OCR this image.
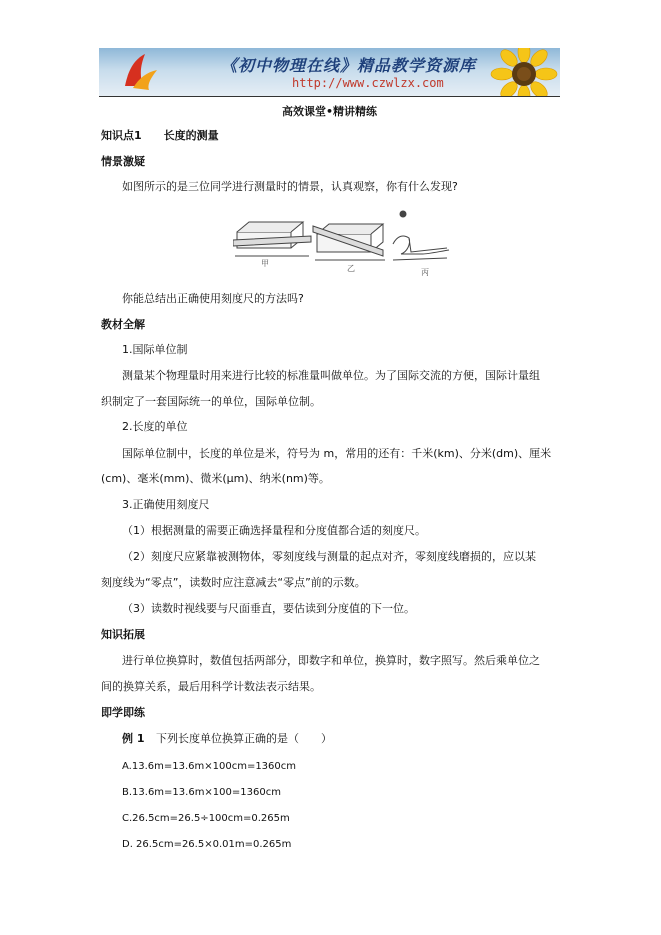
《初中物理在线》精品教学资源库
http://www.czwlzx.com
高效课堂•精讲精练
知识点1　　长度的测量
情景激疑
如图所示的是三位同学进行测量时的情景，认真观察，你有什么发现?
甲
乙	丙
你能总结出正确使用刻度尺的方法吗?
教材全解
1.国际单位制
测量某个物理量时用来进行比较的标准量叫做单位。为了国际交流的方便，国际计量组
织制定了一套国际统一的单位，国际单位制。
2.长度的单位
国际单位制中，长度的单位是米，符号为 m，常用的还有：千米(km)、分米(dm)、厘米
(cm)、毫米(mm)、微米(μm)、纳米(nm)等。
3.正确使用刻度尺
（1）根据测量的需要正确选择量程和分度值都合适的刻度尺。
（2）刻度尺应紧靠被测物体，零刻度线与测量的起点对齐，零刻度线磨损的，应以某
刻度线为“零点”，读数时应注意减去“零点”前的示数。
（3）读数时视线要与尺面垂直，要估读到分度值的下一位。
知识拓展
进行单位换算时，数值包括两部分，即数字和单位，换算时，数字照写。然后乘单位之
间的换算关系，最后用科学计数法表示结果。
即学即练
例 1 下列长度单位换算正确的是（　　）
A.13.6m=13.6m×100cm=1360cm
B.13.6m=13.6m×100=1360cm
C.26.5cm=26.5÷100cm=0.265m
D. 26.5cm=26.5×0.01m=0.265m
